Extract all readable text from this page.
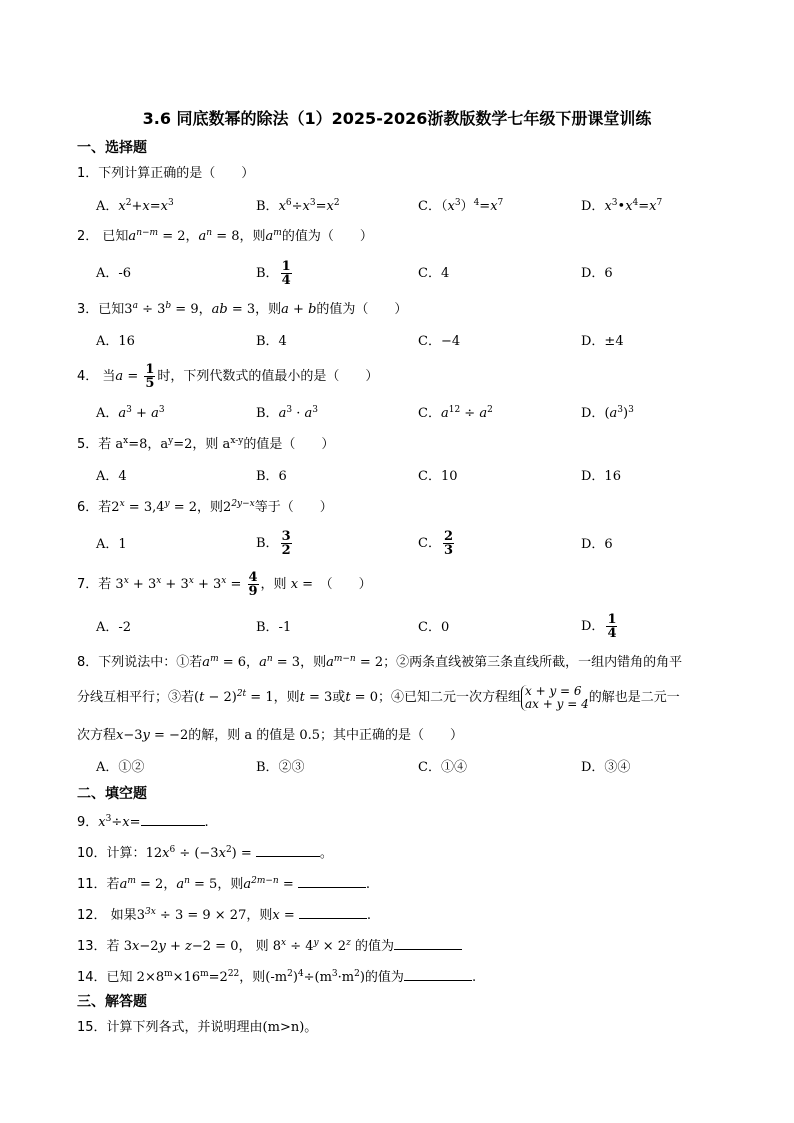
3.6 同底数幂的除法（1）2025-2026浙教版数学七年级下册课堂训练
一、选择题
1．下列计算正确的是（　　）
A．$x^2+x=x^3$	B．$x^6\div x^3=x^2$	C．$(x^3)^4=x^7$	D．$x^3•x^4=x^7$
2． 已知$a^{n-m} = 2$，$a^n = 8$，则$a^m$的值为（　　）
A．-6	B． $\frac{1}{4}$	C．4	D．6
3．已知$3^a \div 3^b = 9$，ab = 3，则a + b的值为（　　）
A．16	B．4	C．−4	D．±4
4． 当$a = \frac{1}{5}$ 时，下列代数式的值最小的是（　　）
A．$a^3 + a^3$	B．$a^3 \cdot a^3$	C．$a^{12} \div a^2$	D．$(a^3)^3$
5．若 $a^x=8$，$a^y=2$，则 $a^{x-y}$的值是（　　）
A．4	B．6	C．10	D．16
6．若$2^x = 3,4^y = 2$，则$2^{2y-x}$等于（　　）
A．1	B． $\frac{3}{2}$	C． $\frac{2}{3}$	D．6
7．若 $3^x + 3^x + 3^x + 3^x = \frac{4}{9}$ ，则 x =　（　　）
A．-2	B．-1	C．0	D． $\frac{1}{4}$
8．下列说法中：①若$a^m = 6$，$a^n = 3$，则$a^{m-n} = 2$；②两条直线被第三条直线所截，一组内错角的角平
分线互相平行；③若$(t - 2)^{2t} = 1$，则t = 3或t = 0；④已知二元一次方程组 x + y = 6
ax + y = 4 的解也是二元一
次方程x−3y = −2的解，则 a 的值是 0.5；其中正确的是（　　）
A．①②	B．②③	C．①④	D．③④
二、填空题
9．$x^3\div x=$	.
10．计算：$12x^6 \div (-3x^2)$ =	。
11．若$a^m = 2$，$a^n = 5$，则$a^{2m-n}$ =	.
12． 如果$3^{3x} \div 3 = 9 \times 27$，则x =	.
13．若 3x−2y + z−2 = 0， 则 $8^x \div 4^y \times 2^z$ 的值为
14．已知 $2\times 8^m\times 16^m=2^{22}$，则$(-m^2)^4\div(m^3\cdot m^2)$的值为	.
三、解答题
15．计算下列各式，并说明理由(m>n)。
